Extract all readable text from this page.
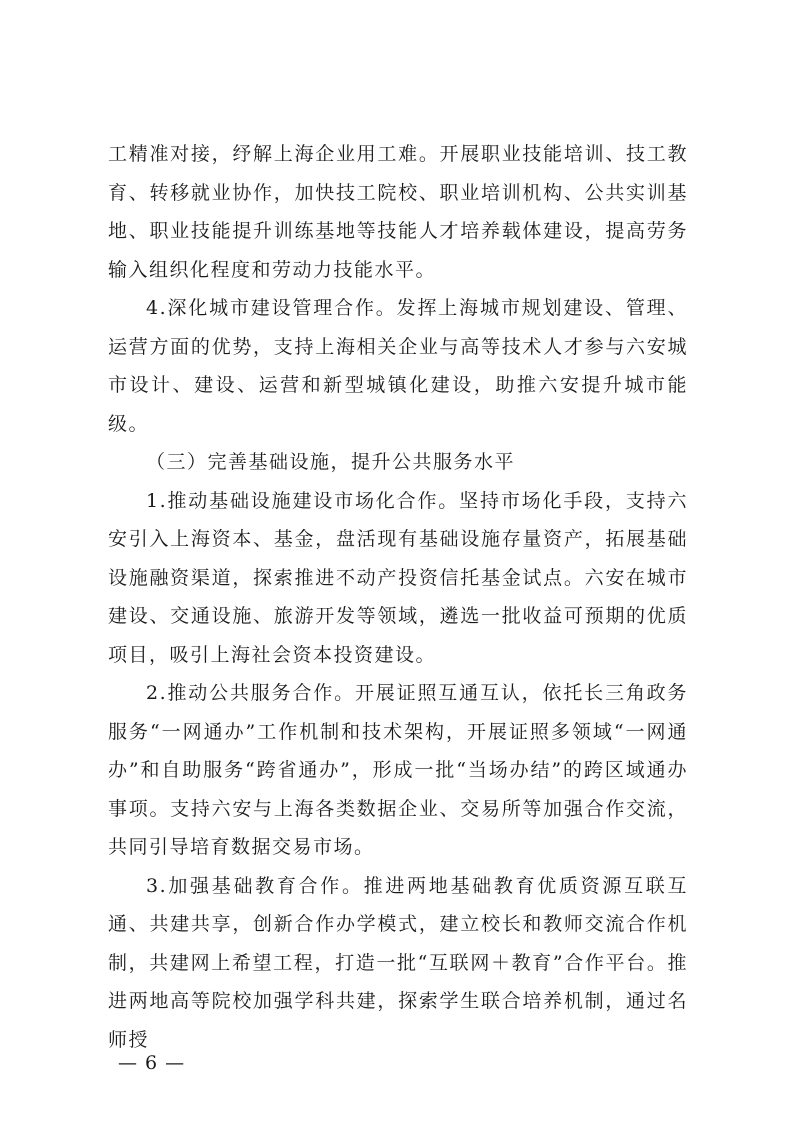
工精准对接，纾解上海企业用工难。开展职业技能培训、技工教育、转移就业协作，加快技工院校、职业培训机构、公共实训基地、职业技能提升训练基地等技能人才培养载体建设，提高劳务输入组织化程度和劳动力技能水平。

4.深化城市建设管理合作。发挥上海城市规划建设、管理、运营方面的优势，支持上海相关企业与高等技术人才参与六安城市设计、建设、运营和新型城镇化建设，助推六安提升城市能级。

（三）完善基础设施，提升公共服务水平

1.推动基础设施建设市场化合作。坚持市场化手段，支持六安引入上海资本、基金，盘活现有基础设施存量资产，拓展基础设施融资渠道，探索推进不动产投资信托基金试点。六安在城市建设、交通设施、旅游开发等领域，遴选一批收益可预期的优质项目，吸引上海社会资本投资建设。

2.推动公共服务合作。开展证照互通互认，依托长三角政务服务“一网通办”工作机制和技术架构，开展证照多领域“一网通办”和自助服务“跨省通办”，形成一批“当场办结”的跨区域通办事项。支持六安与上海各类数据企业、交易所等加强合作交流，共同引导培育数据交易市场。

3.加强基础教育合作。推进两地基础教育优质资源互联互通、共建共享，创新合作办学模式，建立校长和教师交流合作机制，共建网上希望工程，打造一批“互联网＋教育”合作平台。推进两地高等院校加强学科共建，探索学生联合培养机制，通过名师授

— 6 —
